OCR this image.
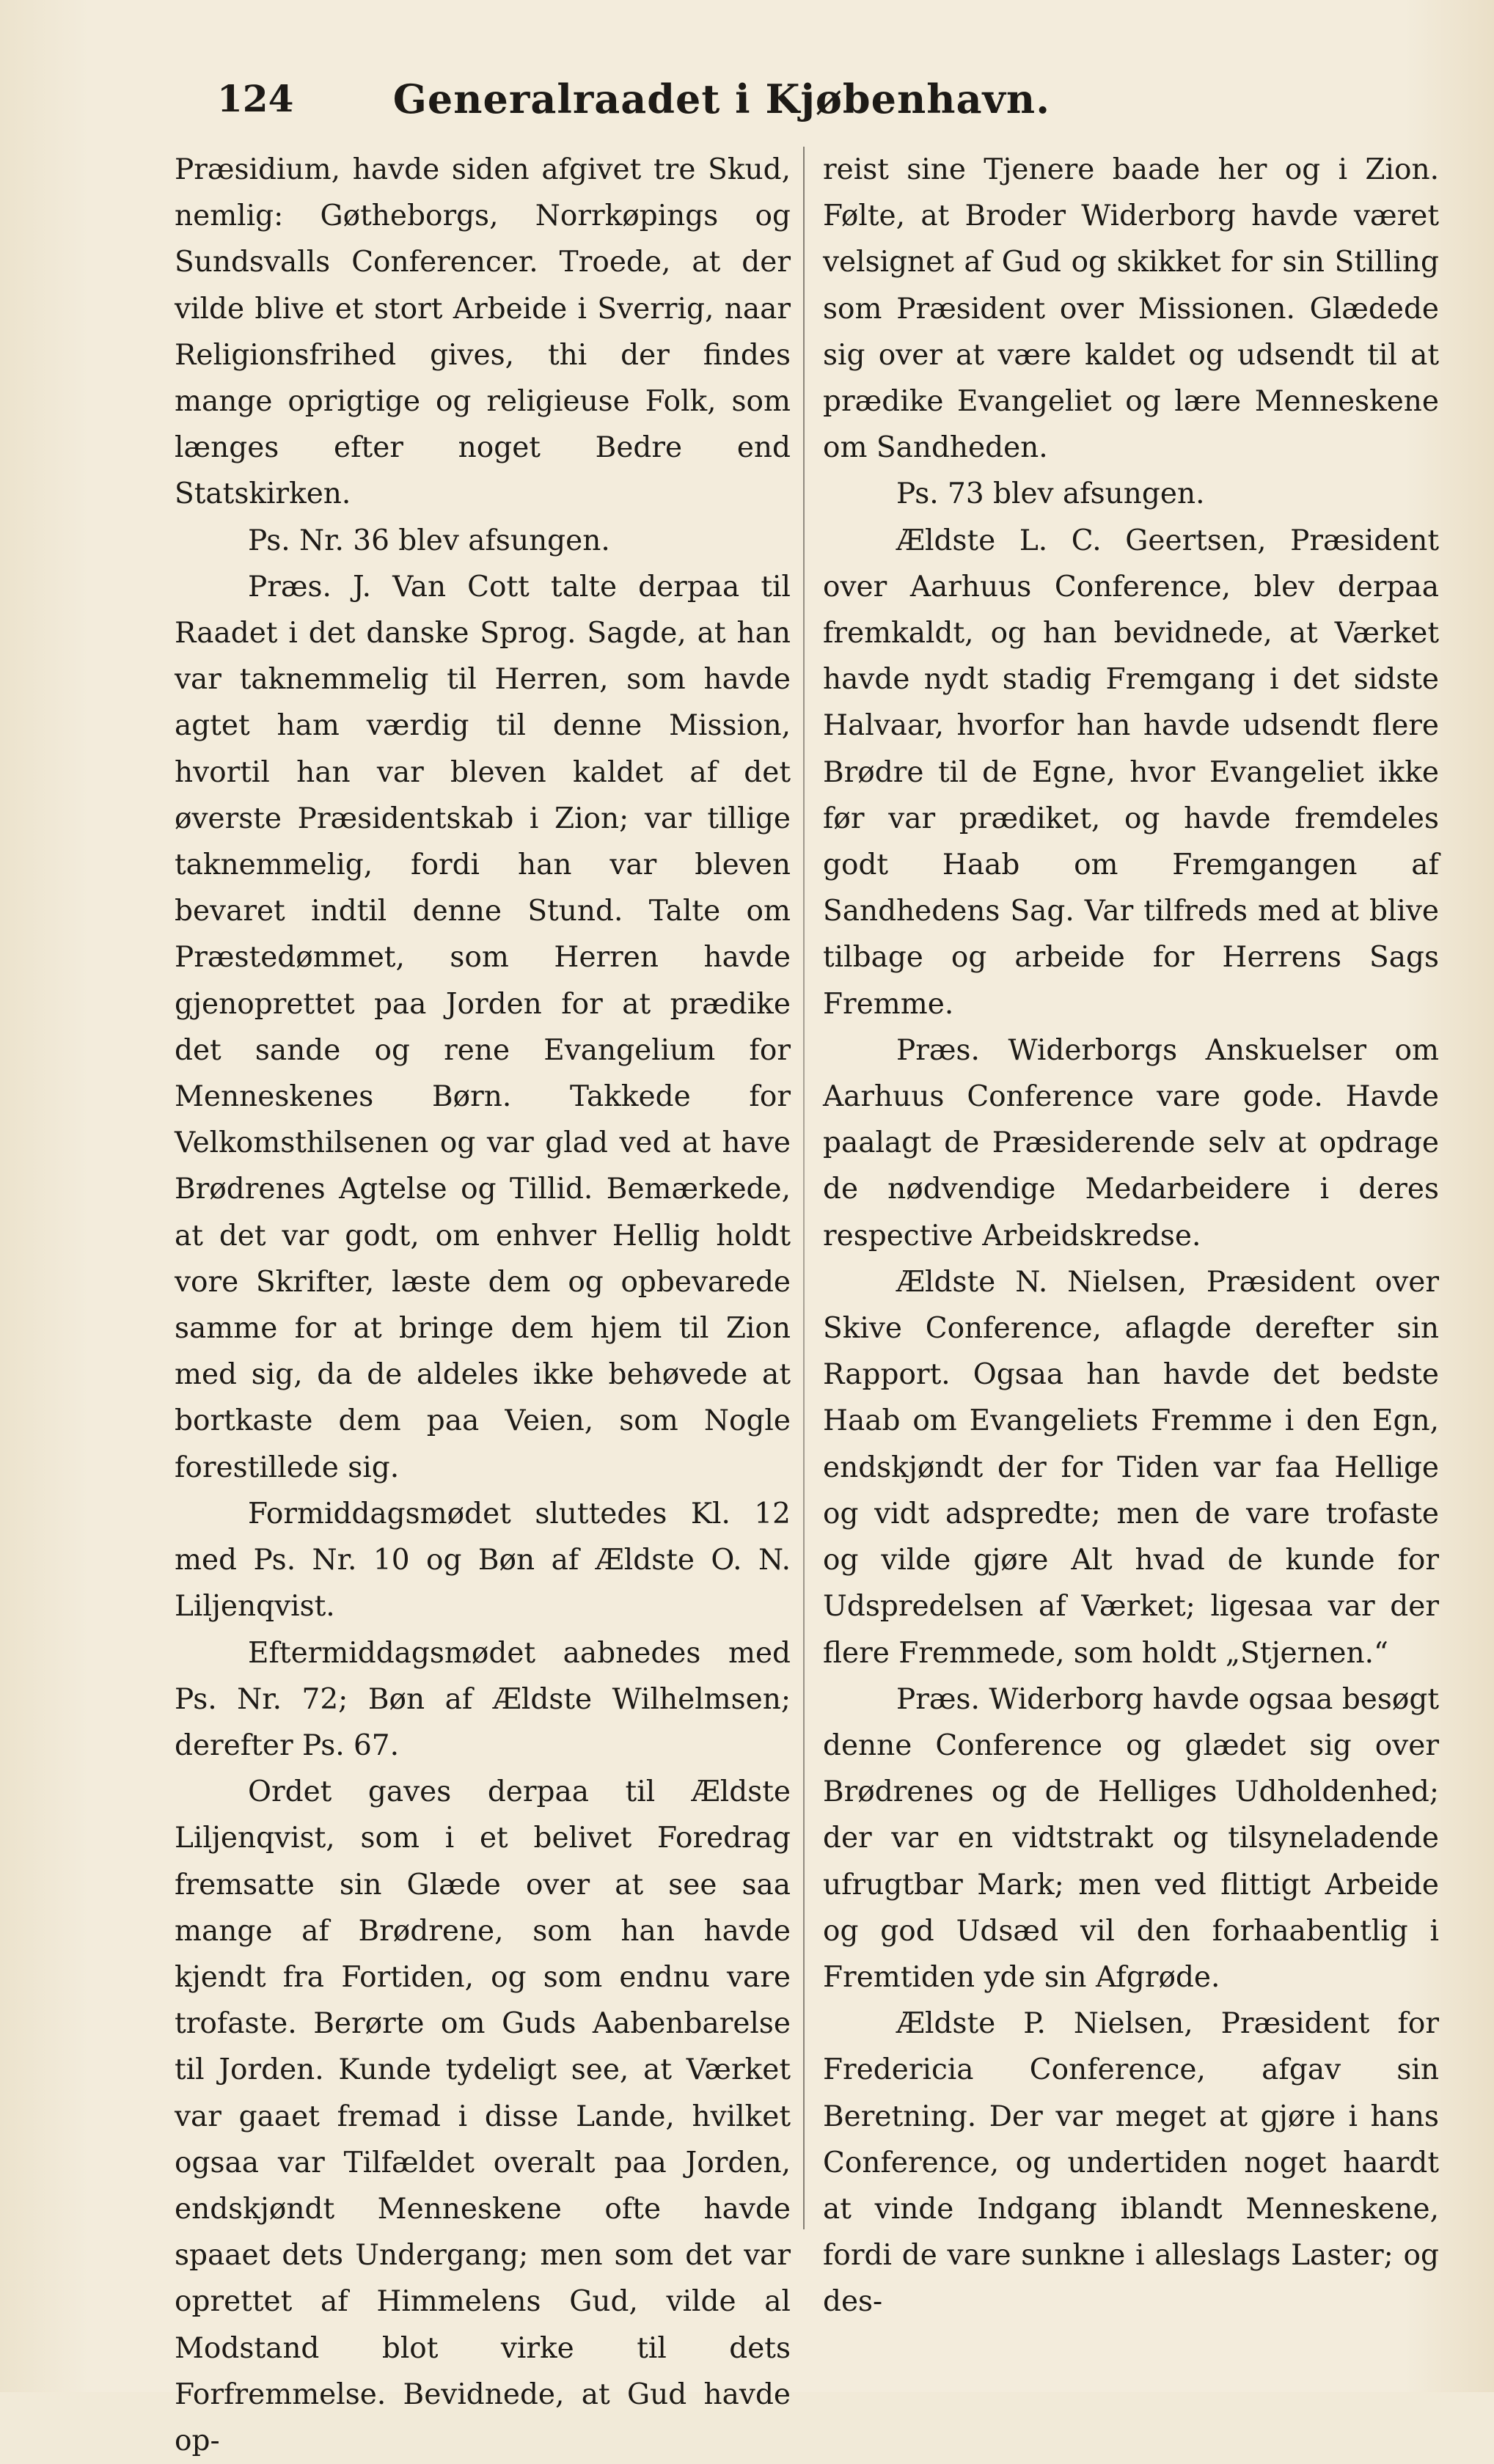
124	Generalraadet i Kjøbenhavn.

Præsidium, havde siden afgivet tre Skud, nemlig: Gøtheborgs, Norrkøpings og Sundsvalls Conferencer. Troede, at der vilde blive et stort Arbeide i Sverrig, naar Religionsfrihed gives, thi der findes mange oprigtige og religieuse Folk, som længes efter noget Bedre end Statskirken.

Ps. Nr. 36 blev afsungen.

Præs. J. Van Cott talte derpaa til Raadet i det danske Sprog. Sagde, at han var taknemmelig til Herren, som havde agtet ham værdig til denne Mission, hvortil han var bleven kaldet af det øverste Præsidentskab i Zion; var tillige taknemmelig, fordi han var bleven bevaret indtil denne Stund. Talte om Præstedømmet, som Herren havde gjenoprettet paa Jorden for at prædike det sande og rene Evangelium for Menneskenes Børn. Takkede for Velkomsthilsenen og var glad ved at have Brødrenes Agtelse og Tillid. Bemærkede, at det var godt, om enhver Hellig holdt vore Skrifter, læste dem og opbevarede samme for at bringe dem hjem til Zion med sig, da de aldeles ikke behøvede at bortkaste dem paa Veien, som Nogle forestillede sig.

Formiddagsmødet sluttedes Kl. 12 med Ps. Nr. 10 og Bøn af Ældste O. N. Liljenqvist.

Eftermiddagsmødet aabnedes med Ps. Nr. 72; Bøn af Ældste Wilhelmsen; derefter Ps. 67.

Ordet gaves derpaa til Ældste Liljenqvist, som i et belivet Foredrag fremsatte sin Glæde over at see saa mange af Brødrene, som han havde kjendt fra Fortiden, og som endnu vare trofaste. Berørte om Guds Aabenbarelse til Jorden. Kunde tydeligt see, at Værket var gaaet fremad i disse Lande, hvilket ogsaa var Tilfældet overalt paa Jorden, endskjøndt Menneskene ofte havde spaaet dets Undergang; men som det var oprettet af Himmelens Gud, vilde al Modstand blot virke til dets Forfremmelse. Bevidnede, at Gud havde op-

reist sine Tjenere baade her og i Zion. Følte, at Broder Widerborg havde været velsignet af Gud og skikket for sin Stilling som Præsident over Missionen. Glædede sig over at være kaldet og udsendt til at prædike Evangeliet og lære Menneskene om Sandheden.

Ps. 73 blev afsungen.

Ældste L. C. Geertsen, Præsident over Aarhuus Conference, blev derpaa fremkaldt, og han bevidnede, at Værket havde nydt stadig Fremgang i det sidste Halvaar, hvorfor han havde udsendt flere Brødre til de Egne, hvor Evangeliet ikke før var prædiket, og havde fremdeles godt Haab om Fremgangen af Sandhedens Sag. Var tilfreds med at blive tilbage og arbeide for Herrens Sags Fremme.

Præs. Widerborgs Anskuelser om Aarhuus Conference vare gode. Havde paalagt de Præsiderende selv at opdrage de nødvendige Medarbeidere i deres respective Arbeidskredse.

Ældste N. Nielsen, Præsident over Skive Conference, aflagde derefter sin Rapport. Ogsaa han havde det bedste Haab om Evangeliets Fremme i den Egn, endskjøndt der for Tiden var faa Hellige og vidt adspredte; men de vare trofaste og vilde gjøre Alt hvad de kunde for Udspredelsen af Værket; ligesaa var der flere Fremmede, som holdt „Stjernen.“

Præs. Widerborg havde ogsaa besøgt denne Conference og glædet sig over Brødrenes og de Helliges Udholdenhed; der var en vidtstrakt og tilsyneladende ufrugtbar Mark; men ved flittigt Arbeide og god Udsæd vil den forhaabentlig i Fremtiden yde sin Afgrøde.

Ældste P. Nielsen, Præsident for Fredericia Conference, afgav sin Beretning. Der var meget at gjøre i hans Conference, og undertiden noget haardt at vinde Indgang iblandt Menneskene, fordi de vare sunkne i alleslags Laster; og des-
